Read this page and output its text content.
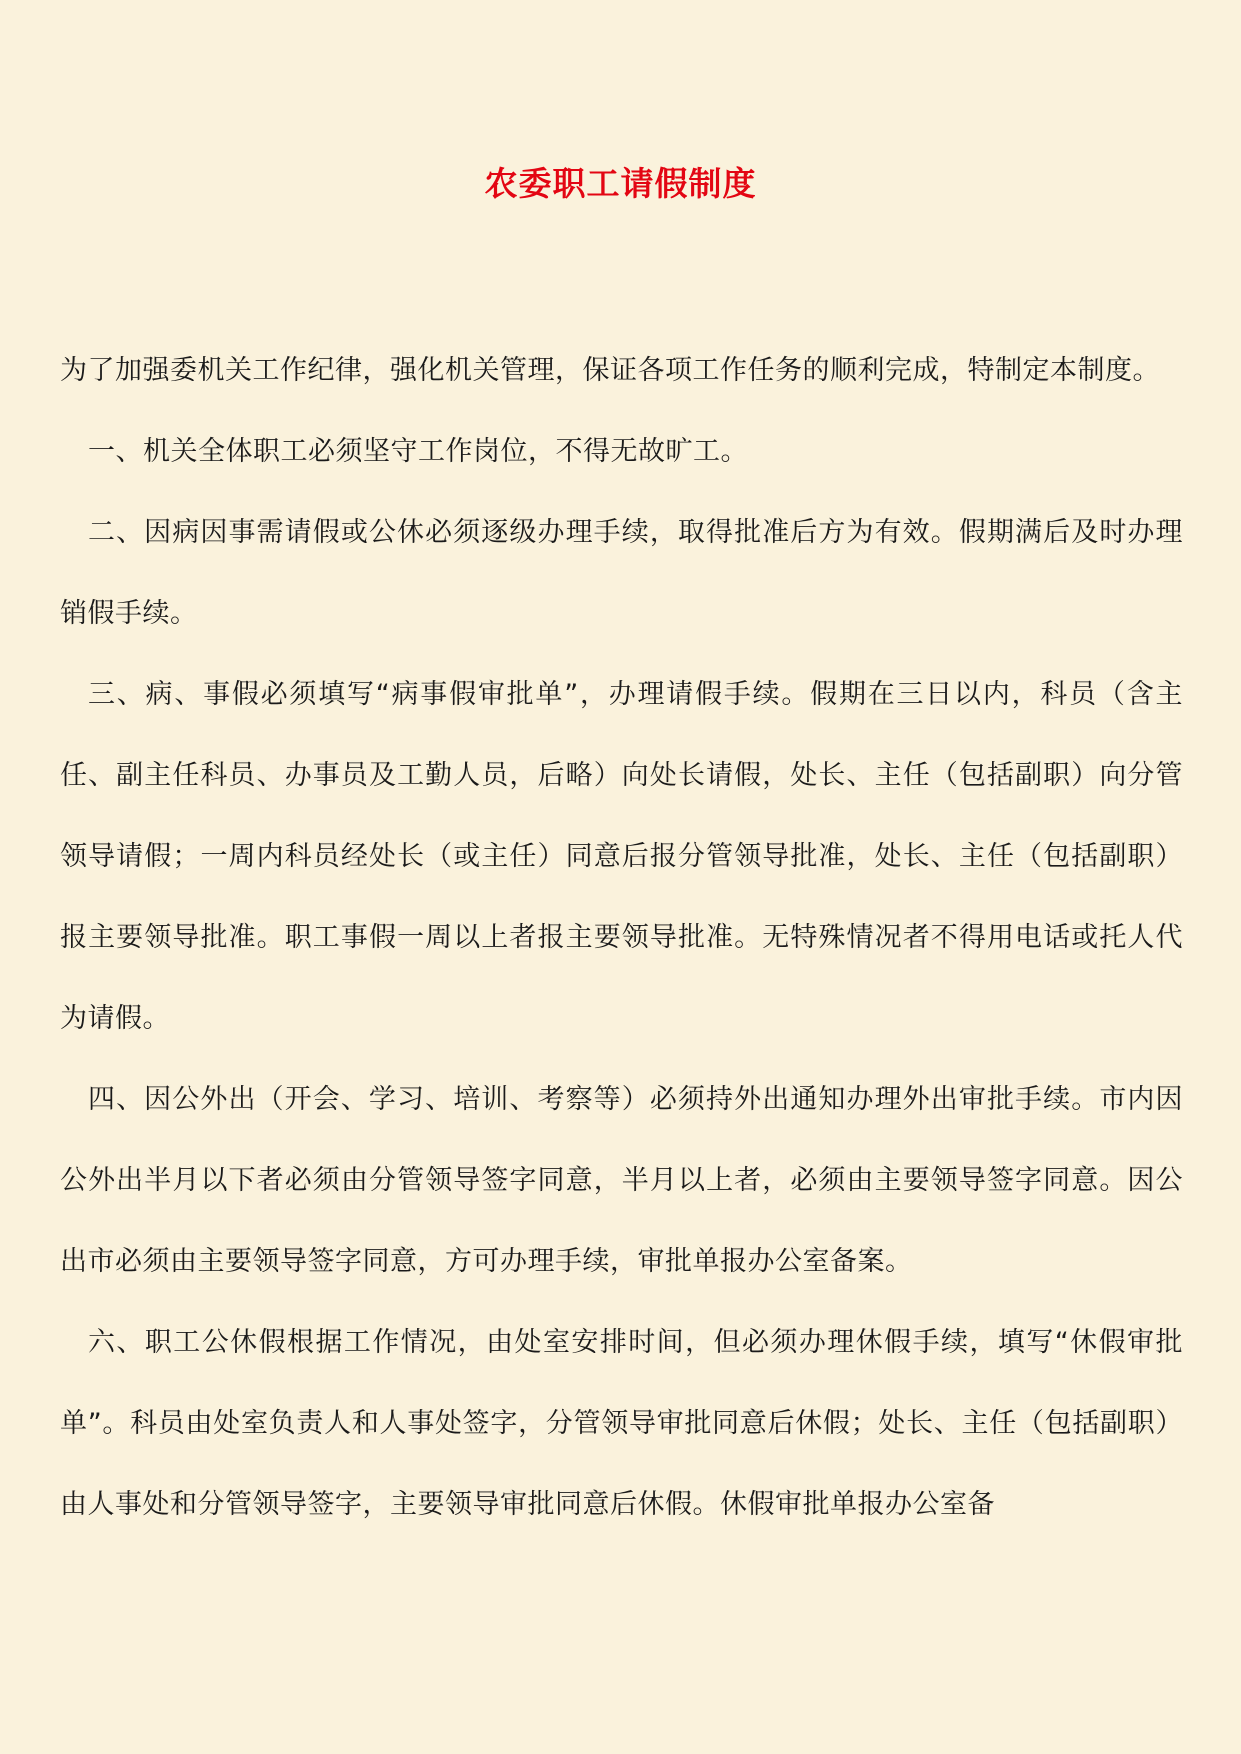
农委职工请假制度

为了加强委机关工作纪律，强化机关管理，保证各项工作任务的顺利完成，特制定本制度。

一、机关全体职工必须坚守工作岗位，不得无故旷工。

二、因病因事需请假或公休必须逐级办理手续，取得批准后方为有效。假期满后及时办理销假手续。

三、病、事假必须填写“病事假审批单”，办理请假手续。假期在三日以内，科员（含主任、副主任科员、办事员及工勤人员，后略）向处长请假，处长、主任（包括副职）向分管领导请假；一周内科员经处长（或主任）同意后报分管领导批准，处长、主任（包括副职）报主要领导批准。职工事假一周以上者报主要领导批准。无特殊情况者不得用电话或托人代为请假。

四、因公外出（开会、学习、培训、考察等）必须持外出通知办理外出审批手续。市内因公外出半月以下者必须由分管领导签字同意，半月以上者，必须由主要领导签字同意。因公出市必须由主要领导签字同意，方可办理手续，审批单报办公室备案。

六、职工公休假根据工作情况，由处室安排时间，但必须办理休假手续，填写“休假审批单”。科员由处室负责人和人事处签字，分管领导审批同意后休假；处长、主任（包括副职）由人事处和分管领导签字，主要领导审批同意后休假。休假审批单报办公室备
